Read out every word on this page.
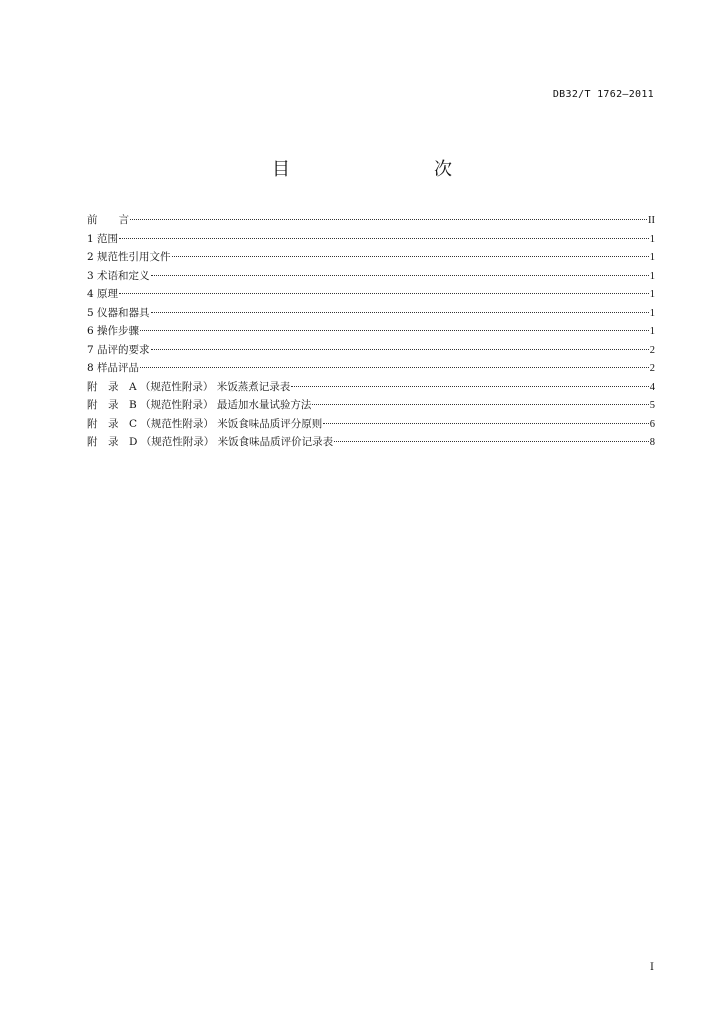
DB32/T 1762—2011
目　　次
前　　言	II
1 范围	1
2 规范性引用文件	1
3 术语和定义	1
4 原理	1
5 仪器和器具	1
6 操作步骤	1
7 品评的要求	2
8 样品评品	2
附　录　A （规范性附录） 米饭蒸煮记录表	4
附　录　B （规范性附录） 最适加水量试验方法	5
附　录　C （规范性附录） 米饭食味品质评分原则	6
附　录　D （规范性附录） 米饭食味品质评价记录表	8
I
